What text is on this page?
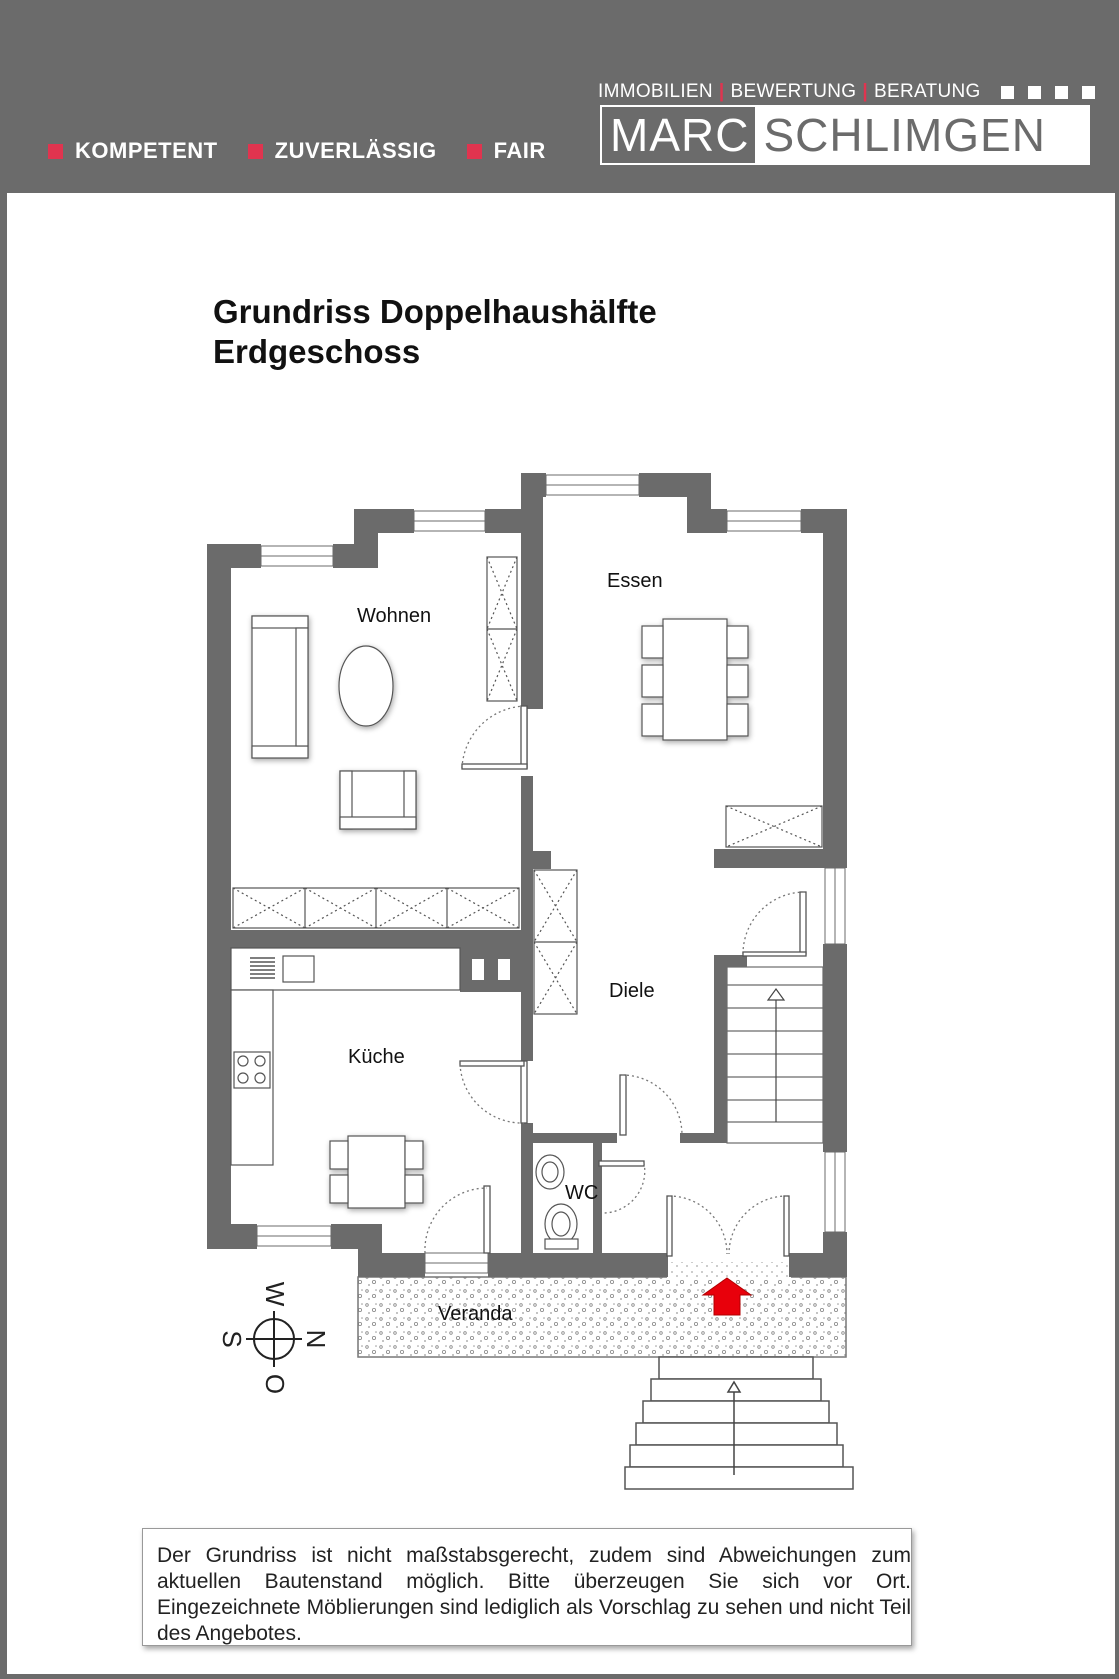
KOMPETENT	ZUVERLÄSSIG	FAIR
IMMOBILIEN | BEWERTUNG | BERATUNG
MARC SCHLIMGEN
Grundriss Doppelhaushälfte
Erdgeschoss
Wohnen
Essen
Diele
Küche
WC
Veranda
W
O
N
S
Der Grundriss ist nicht maßstabsgerecht, zudem sind Abweichungen zum aktuellen Bautenstand möglich. Bitte überzeugen Sie sich vor Ort. Eingezeichnete Möblierungen sind lediglich als Vorschlag zu sehen und nicht Teil des Angebotes.
